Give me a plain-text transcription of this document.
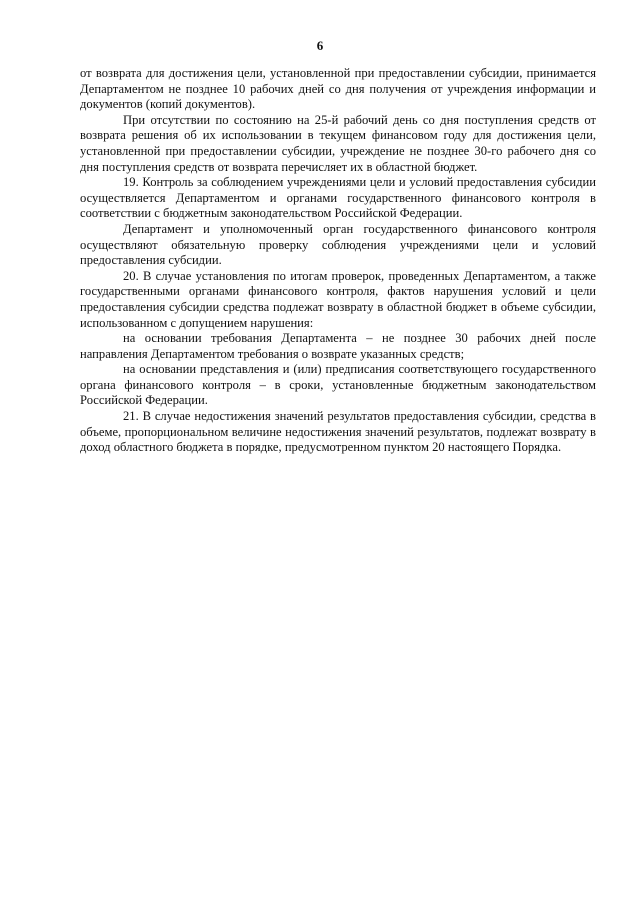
6

от возврата для достижения цели, установленной при предоставлении субсидии, принимается Департаментом не позднее 10 рабочих дней со дня получения от учреждения информации и документов (копий документов).

При отсутствии по состоянию на 25-й рабочий день со дня поступления средств от возврата решения об их использовании в текущем финансовом году для достижения цели, установленной при предоставлении субсидии, учреждение не позднее 30-го рабочего дня со дня поступления средств от возврата перечисляет их в областной бюджет.

19. Контроль за соблюдением учреждениями цели и условий предоставления субсидии осуществляется Департаментом и органами государственного финансового контроля в соответствии с бюджетным законодательством Российской Федерации.

Департамент и уполномоченный орган государственного финансового контроля осуществляют обязательную проверку соблюдения учреждениями цели и условий предоставления субсидии.

20. В случае установления по итогам проверок, проведенных Департаментом, а также государственными органами финансового контроля, фактов нарушения условий и цели предоставления субсидии средства подлежат возврату в областной бюджет в объеме субсидии, использованном с допущением нарушения:

на основании требования Департамента – не позднее 30 рабочих дней после направления Департаментом требования о возврате указанных средств;

на основании представления и (или) предписания соответствующего государственного органа финансового контроля – в сроки, установленные бюджетным законодательством Российской Федерации.

21. В случае недостижения значений результатов предоставления субсидии, средства в объеме, пропорциональном величине недостижения значений результатов, подлежат возврату в доход областного бюджета в порядке, предусмотренном пунктом 20 настоящего Порядка.
